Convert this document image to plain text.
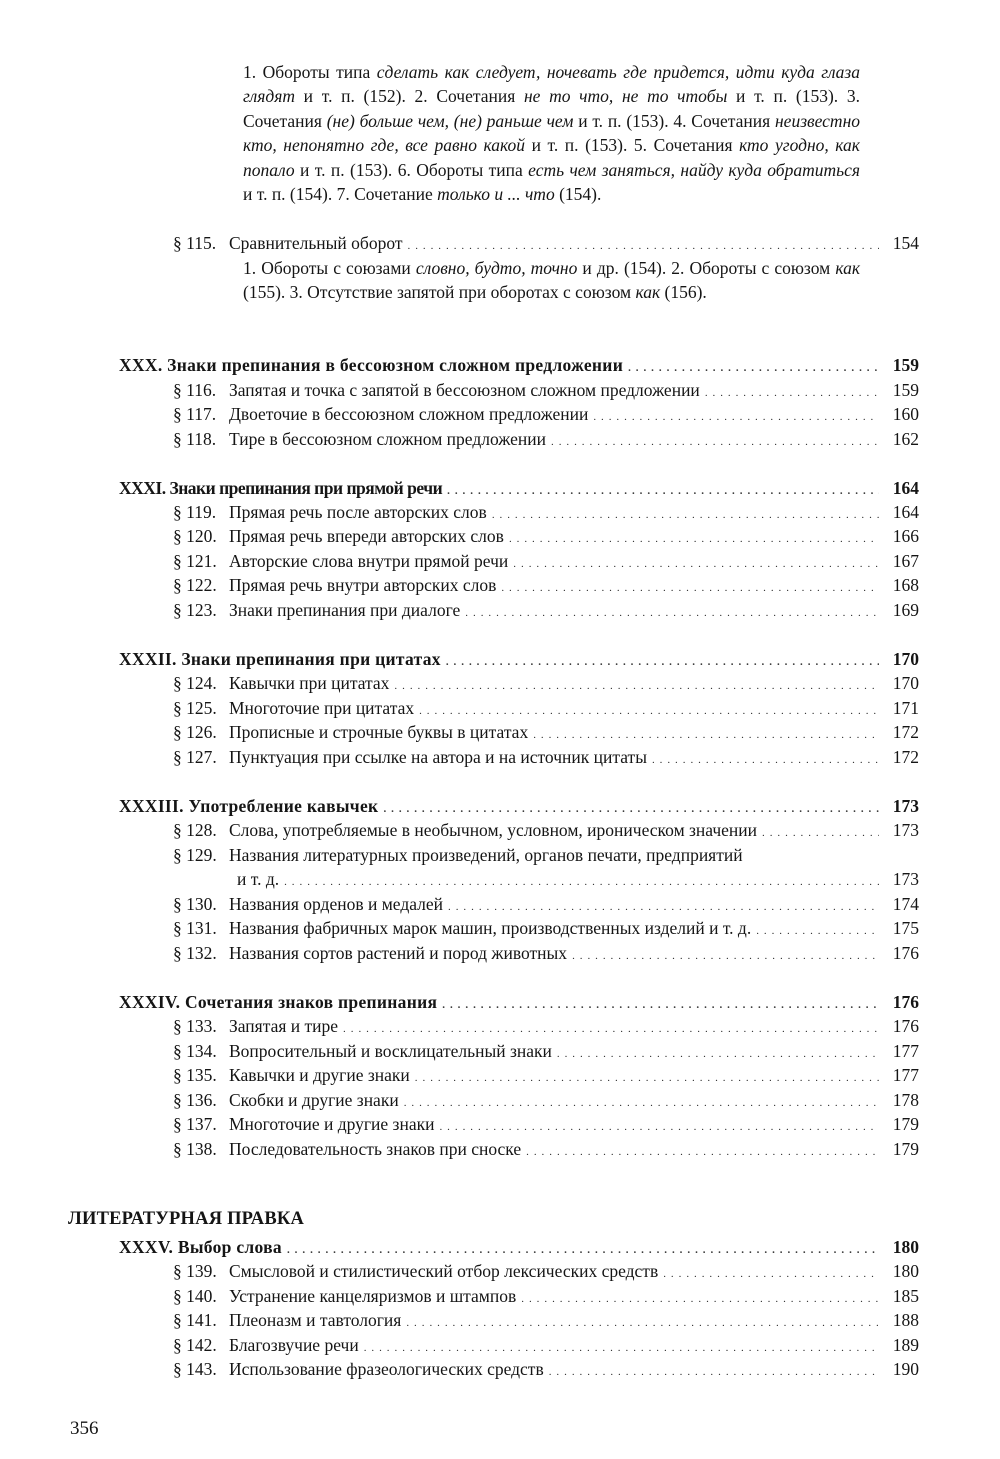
1. Обороты типа сделать как следует, ночевать где придется, идти куда глаза глядят и т. п. (152). 2. Сочетания не то что, не то чтобы и т. п. (153). 3. Сочетания (не) больше чем, (не) раньше чем и т. п. (153). 4. Сочетания неизвестно кто, непонятно где, все равно какой и т. п. (153). 5. Сочетания кто угодно, как попало и т. п. (153). 6. Обороты типа есть чем заняться, найду куда обратиться и т. п. (154). 7. Сочетание только и ... что (154).
§ 115. Сравнительный оборот . . .	154
1. Обороты с союзами словно, будто, точно и др. (154). 2. Обороты с союзом как (155). 3. Отсутствие запятой при оборотах с союзом как (156).
XXX. Знаки препинания в бессоюзном сложном предложении . . .	159
§ 116. Запятая и точка с запятой в бессоюзном сложном предложении . . .	159
§ 117. Двоеточие в бессоюзном сложном предложении . . .	160
§ 118. Тире в бессоюзном сложном предложении . . .	162
XXXI. Знаки препинания при прямой речи . . .	164
§ 119. Прямая речь после авторских слов . . .	164
§ 120. Прямая речь впереди авторских слов . . .	166
§ 121. Авторские слова внутри прямой речи . . .	167
§ 122. Прямая речь внутри авторских слов . . .	168
§ 123. Знаки препинания при диалоге . . .	169
XXXII. Знаки препинания при цитатах . . .	170
§ 124. Кавычки при цитатах . . .	170
§ 125. Многоточие при цитатах . . .	171
§ 126. Прописные и строчные буквы в цитатах . . .	172
§ 127. Пунктуация при ссылке на автора и на источник цитаты . . .	172
XXXIII. Употребление кавычек . . .	173
§ 128. Слова, употребляемые в необычном, условном, ироническом значении . . .	173
§ 129. Названия литературных произведений, органов печати, предприятий
и т. д. . . .	173
§ 130. Названия орденов и медалей . . .	174
§ 131. Названия фабричных марок машин, производственных изделий и т. д. . . .	175
§ 132. Названия сортов растений и пород животных . . .	176
XXXIV. Сочетания знаков препинания . . .	176
§ 133. Запятая и тире . . .	176
§ 134. Вопросительный и восклицательный знаки . . .	177
§ 135. Кавычки и другие знаки . . .	177
§ 136. Скобки и другие знаки . . .	178
§ 137. Многоточие и другие знаки . . .	179
§ 138. Последовательность знаков при сноске . . .	179
ЛИТЕРАТУРНАЯ ПРАВКА
XXXV. Выбор слова . . .	180
§ 139. Смысловой и стилистический отбор лексических средств . . .	180
§ 140. Устранение канцеляризмов и штампов . . .	185
§ 141. Плеоназм и тавтология . . .	188
§ 142. Благозвучие речи . . .	189
§ 143. Использование фразеологических средств . . .	190
356
